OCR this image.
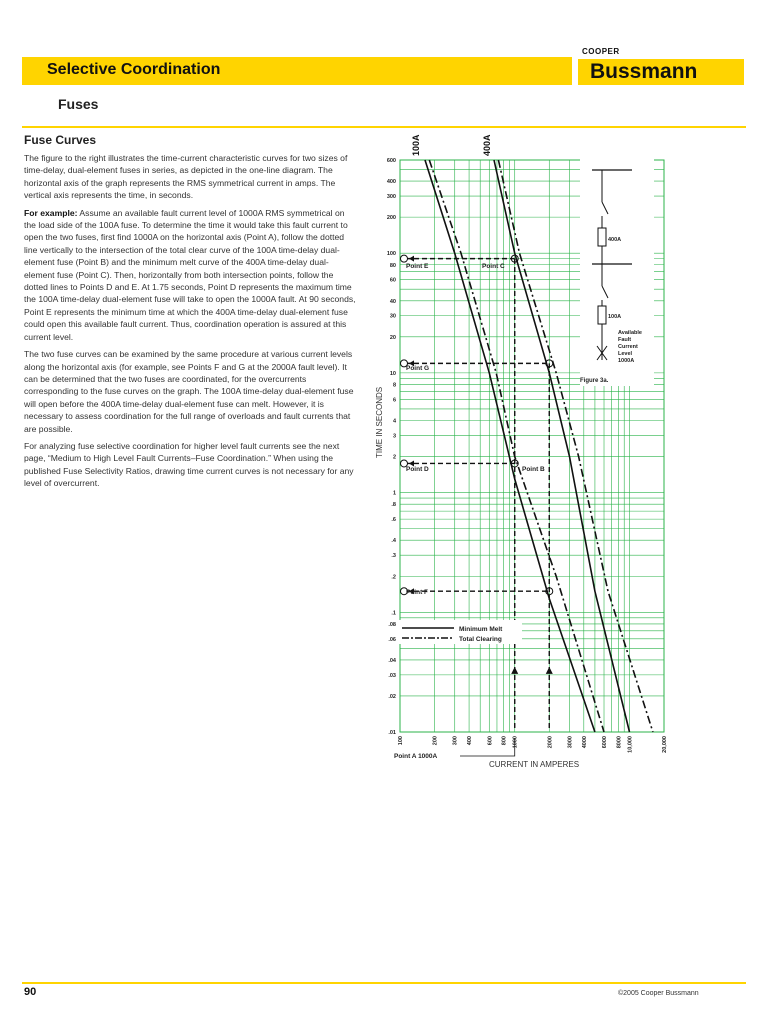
Selective Coordination
COOPER
Bussmann
Fuses
Fuse Curves

The figure to the right illustrates the time-current characteristic curves for two sizes of time-delay, dual-element fuses in series, as depicted in the one-line diagram. The horizontal axis of the graph represents the RMS symmetrical current in amps. The vertical axis represents the time, in seconds.

For example: Assume an available fault current level of 1000A RMS symmetrical on the load side of the 100A fuse. To determine the time it would take this fault current to open the two fuses, first find 1000A on the horizontal axis (Point A), follow the dotted line vertically to the intersection of the total clear curve of the 100A time-delay dual-element fuse (Point B) and the minimum melt curve of the 400A time-delay dual-element fuse (Point C). Then, horizontally from both intersection points, follow the dotted lines to Points D and E. At 1.75 seconds, Point D represents the maximum time the 100A time-delay dual-element fuse will take to open the 1000A fault. At 90 seconds, Point E represents the minimum time at which the 400A time-delay dual-element fuse could open this available fault current. Thus, coordination operation is assured at this current level.

The two fuse curves can be examined by the same procedure at various current levels along the horizontal axis (for example, see Points F and G at the 2000A fault level). It can be determined that the two fuses are coordinated, for the overcurrents corresponding to the fuse curves on the graph. The 100A time-delay dual-element fuse will open before the 400A time-delay dual-element fuse can melt. However, it is necessary to assess coordination for the full range of overloads and fault currents that are possible.

For analyzing fuse selective coordination for higher level fault currents see the next page, “Medium to High Level Fault Currents–Fuse Coordination.” When using the published Fuse Selectivity Ratios, drawing time current curves is not necessary for any level of overcurrent.

.01
.02
.03
.04
.06
.08
.1
.2
.3
.4
.6
.8
1
2
3
4
6
8
10
20
30
40
60
80
100
200
300
400
600
100	200	300 400	600 800 1000	2000	3000 4000	6000 8000 10,000	20,000
100A	400A
TIME IN SECONDS
CURRENT IN AMPERES
Point E	Point C
Point G
Point D	Point B
Point F
Point A 1000A
Minimum Melt
Total Clearing
400A
100A
Available Fault Current Level 1000A
Figure 3a.
90	©2005 Cooper Bussmann
